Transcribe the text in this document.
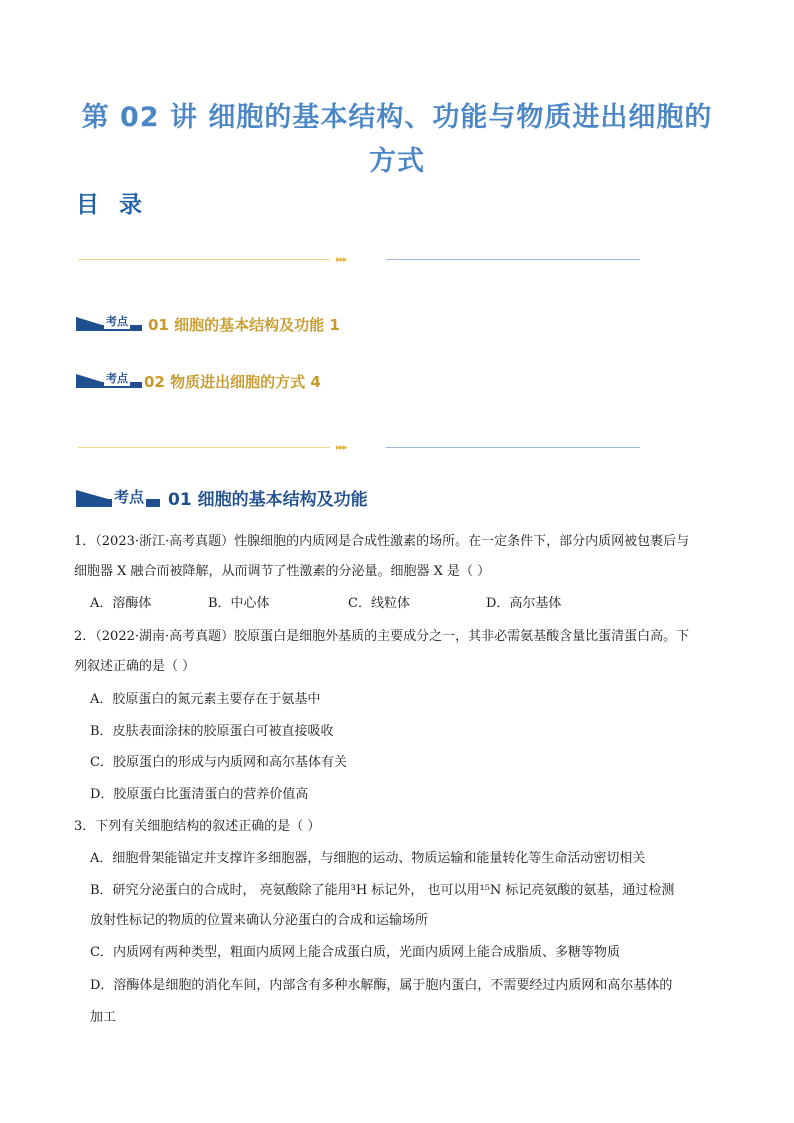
第 02 讲 细胞的基本结构、功能与物质进出细胞的
方式
目 录
▸▸▸
考点 01 细胞的基本结构及功能 1
考点 02 物质进出细胞的方式 4
▸▸▸
考点 01 细胞的基本结构及功能
1．（2023·浙江·高考真题）性腺细胞的内质网是合成性激素的场所。在一定条件下，部分内质网被包裹后与
细胞器 X 融合而被降解，从而调节了性激素的分泌量。细胞器 X 是（ ）
A．溶酶体	B．中心体	C．线粒体	D．高尔基体
2．（2022·湖南·高考真题）胶原蛋白是细胞外基质的主要成分之一，其非必需氨基酸含量比蛋清蛋白高。下
列叙述正确的是（ ）
A．胶原蛋白的氮元素主要存在于氨基中
B．皮肤表面涂抹的胶原蛋白可被直接吸收
C．胶原蛋白的形成与内质网和高尔基体有关
D．胶原蛋白比蛋清蛋白的营养价值高
3．下列有关细胞结构的叙述正确的是（ ）
A．细胞骨架能锚定并支撑许多细胞器，与细胞的运动、物质运输和能量转化等生命活动密切相关
B．研究分泌蛋白的合成时， 亮氨酸除了能用³H 标记外， 也可以用¹⁵N 标记亮氨酸的氨基，通过检测
放射性标记的物质的位置来确认分泌蛋白的合成和运输场所
C．内质网有两种类型，粗面内质网上能合成蛋白质，光面内质网上能合成脂质、多糖等物质
D．溶酶体是细胞的消化车间，内部含有多种水解酶，属于胞内蛋白，不需要经过内质网和高尔基体的
加工
